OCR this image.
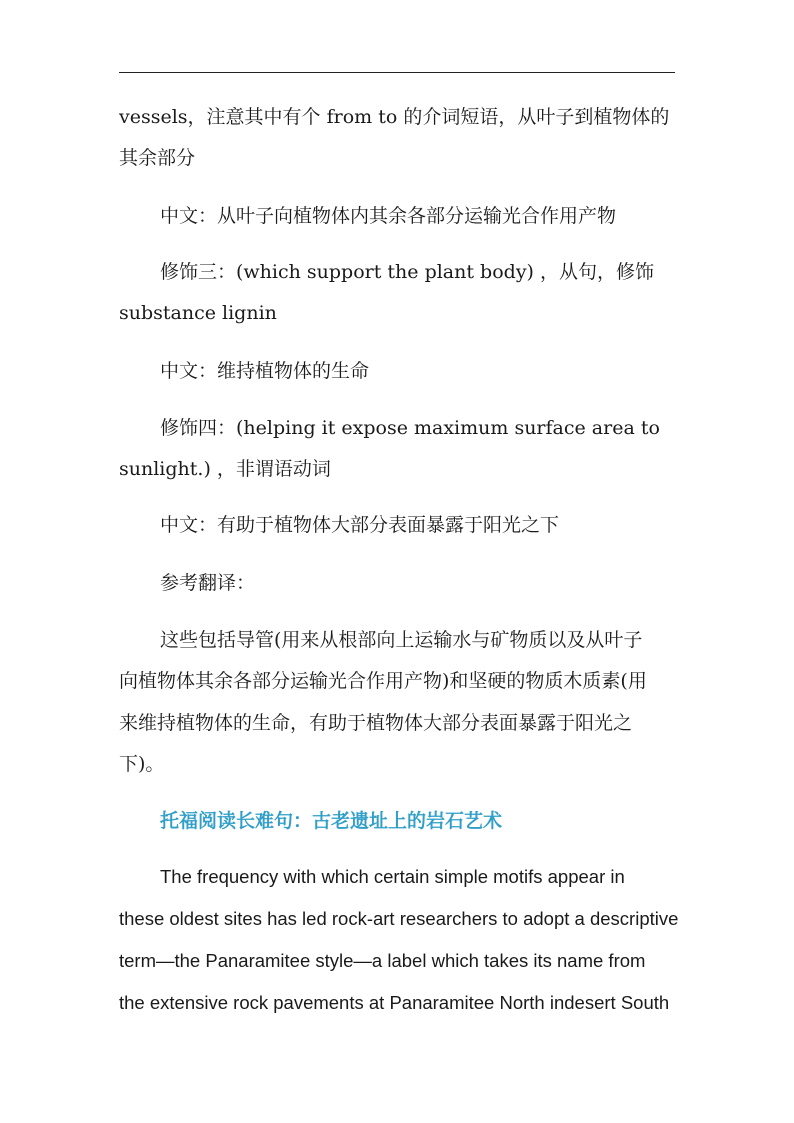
vessels，注意其中有个 from to 的介词短语，从叶子到植物体的
其余部分
中文：从叶子向植物体内其余各部分运输光合作用产物
修饰三：(which support the plant body) ，从句，修饰
substance lignin
中文：维持植物体的生命
修饰四：(helping it expose maximum surface area to
sunlight.) ，非谓语动词
中文：有助于植物体大部分表面暴露于阳光之下
参考翻译：
这些包括导管(用来从根部向上运输水与矿物质以及从叶子
向植物体其余各部分运输光合作用产物)和坚硬的物质木质素(用
来维持植物体的生命，有助于植物体大部分表面暴露于阳光之
下)。
托福阅读长难句：古老遗址上的岩石艺术
The frequency with which certain simple motifs appear in
these oldest sites has led rock-art researchers to adopt a descriptive
term—the Panaramitee style—a label which takes its name from
the extensive rock pavements at Panaramitee North indesert South
